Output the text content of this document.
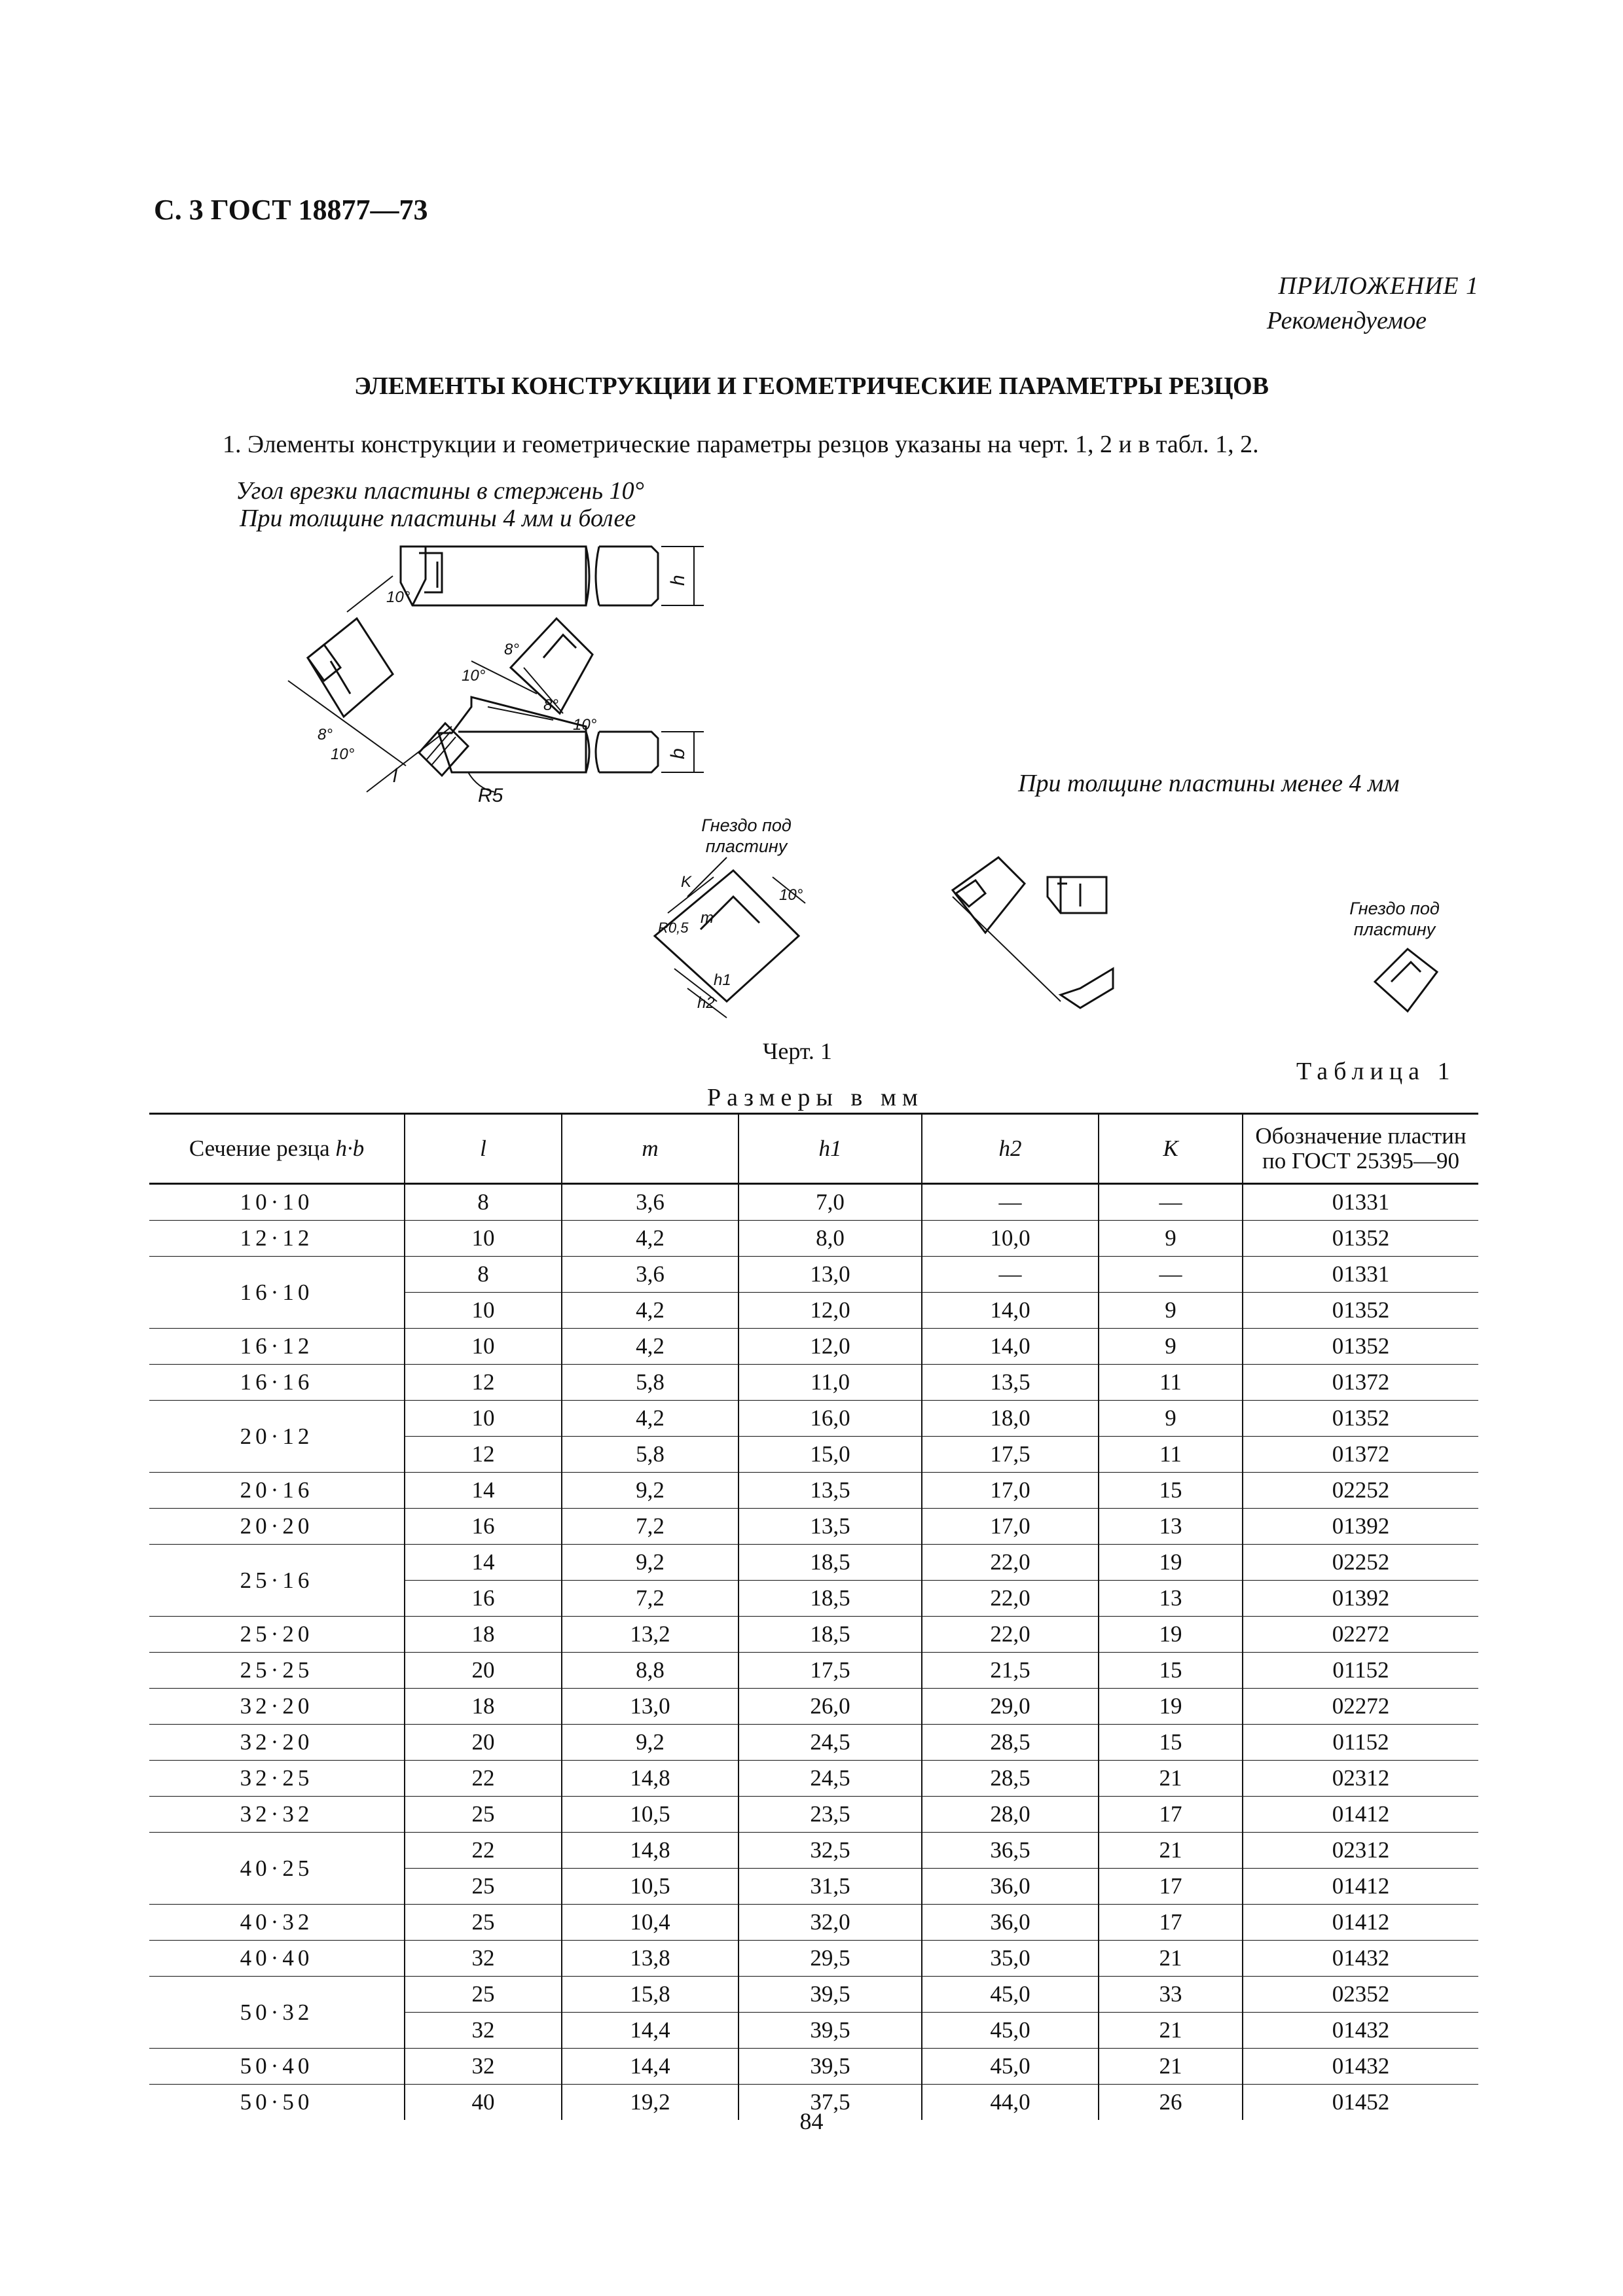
С. 3 ГОСТ 18877—73
ПРИЛОЖЕНИЕ 1
Рекомендуемое
ЭЛЕМЕНТЫ КОНСТРУКЦИИ И ГЕОМЕТРИЧЕСКИЕ ПАРАМЕТРЫ РЕЗЦОВ
1. Элементы конструкции и геометрические параметры резцов указаны на черт. 1, 2 и в табл. 1, 2.
Угол врезки пластины в стержень 10°
При толщине пластины 4 мм и более
При толщине пластины менее 4 мм
Гнездо под пластину
Гнездо под пластину
h
b
l
R5
10°
8°
10°
10°
8°
8°
10°
K
m
R0,5
10°
h1
h2
Черт. 1
Таблица 1
Размеры в мм
Сечение резца h·b	l	m	h1	h2	K	Обозначение пластин по ГОСТ 25395—90
10·10	8	3,6	7,0	—	—	01331
12·12	10	4,2	8,0	10,0	9	01352
16·10	8	3,6	13,0	—	—	01331
	10	4,2	12,0	14,0	9	01352
16·12	10	4,2	12,0	14,0	9	01352
16·16	12	5,8	11,0	13,5	11	01372
20·12	10	4,2	16,0	18,0	9	01352
	12	5,8	15,0	17,5	11	01372
20·16	14	9,2	13,5	17,0	15	02252
20·20	16	7,2	13,5	17,0	13	01392
25·16	14	9,2	18,5	22,0	19	02252
	16	7,2	18,5	22,0	13	01392
25·20	18	13,2	18,5	22,0	19	02272
25·25	20	8,8	17,5	21,5	15	01152
32·20	18	13,0	26,0	29,0	19	02272
32·20	20	9,2	24,5	28,5	15	01152
32·25	22	14,8	24,5	28,5	21	02312
32·32	25	10,5	23,5	28,0	17	01412
40·25	22	14,8	32,5	36,5	21	02312
	25	10,5	31,5	36,0	17	01412
40·32	25	10,4	32,0	36,0	17	01412
40·40	32	13,8	29,5	35,0	21	01432
50·32	25	15,8	39,5	45,0	33	02352
	32	14,4	39,5	45,0	21	01432
50·40	32	14,4	39,5	45,0	21	01432
50·50	40	19,2	37,5	44,0	26	01452
84
